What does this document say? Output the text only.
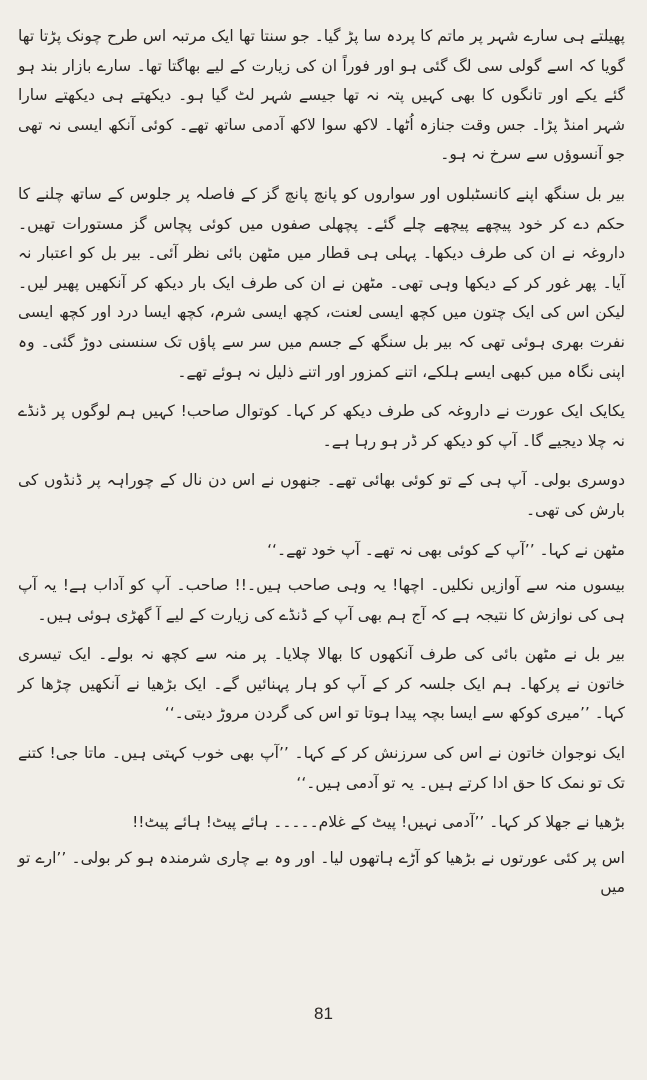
پھیلتے ہی سارے شہر پر ماتم کا پردہ سا پڑ گیا۔ جو سنتا تھا ایک مرتبہ اس طرح چونک پڑتا تھا گویا کہ اسے گولی سی لگ گئی ہو اور فوراً ان کی زیارت کے لیے بھاگتا تھا۔ سارے بازار بند ہو گئے یکے اور تانگوں کا بھی کہیں پتہ نہ تھا جیسے شہر لٹ گیا ہو۔ دیکھتے ہی دیکھتے سارا شہر امنڈ پڑا۔ جس وقت جنازہ اُٹھا۔ لاکھ سوا لاکھ آدمی ساتھ تھے۔ کوئی آنکھ ایسی نہ تھی جو آنسوؤں سے سرخ نہ ہو۔

بیر بل سنگھ اپنے کانسٹبلوں اور سواروں کو پانچ پانچ گز کے فاصلہ پر جلوس کے ساتھ چلنے کا حکم دے کر خود پیچھے پیچھے چلے گئے۔ پچھلی صفوں میں کوئی پچاس گز مستورات تھیں۔ داروغہ نے ان کی طرف دیکھا۔ پہلی ہی قطار میں مٹھن بائی نظر آئی۔ بیر بل کو اعتبار نہ آیا۔ پھر غور کر کے دیکھا وہی تھی۔ مٹھن نے ان کی طرف ایک بار دیکھ کر آنکھیں پھیر لیں۔ لیکن اس کی ایک چتون میں کچھ ایسی لعنت، کچھ ایسی شرم، کچھ ایسا درد اور کچھ ایسی نفرت بھری ہوئی تھی کہ بیر بل سنگھ کے جسم میں سر سے پاؤں تک سنسنی دوڑ گئی۔ وہ اپنی نگاہ میں کبھی ایسے ہلکے، اتنے کمزور اور اتنے ذلیل نہ ہوئے تھے۔

یکایک ایک عورت نے داروغہ کی طرف دیکھ کر کہا۔ کوتوال صاحب! کہیں ہم لوگوں پر ڈنڈے نہ چلا دیجیے گا۔ آپ کو دیکھ کر ڈر ہو رہا ہے۔

دوسری بولی۔ آپ ہی کے تو کوئی بھائی تھے۔ جنھوں نے اس دن نال کے چوراہہ پر ڈنڈوں کی بارش کی تھی۔

مٹھن نے کہا۔ ’’آپ کے کوئی بھی نہ تھے۔ آپ خود تھے۔‘‘

بیسوں منہ سے آوازیں نکلیں۔ اچھا! یہ وہی صاحب ہیں۔!! صاحب۔ آپ کو آداب ہے! یہ آپ ہی کی نوازش کا نتیجہ ہے کہ آج ہم بھی آپ کے ڈنڈے کی زیارت کے لیے آ گھڑی ہوئی ہیں۔

بیر بل نے مٹھن بائی کی طرف آنکھوں کا بھالا چلایا۔ پر منہ سے کچھ نہ بولے۔ ایک تیسری خاتون نے پرکھا۔ ہم ایک جلسہ کر کے آپ کو ہار پہنائیں گے۔ ایک بڑھیا نے آنکھیں چڑھا کر کہا۔ ’’میری کوکھ سے ایسا بچہ پیدا ہوتا تو اس کی گردن مروڑ دیتی۔‘‘

ایک نوجوان خاتون نے اس کی سرزنش کر کے کہا۔ ’’آپ بھی خوب کہتی ہیں۔ ماتا جی! کتنے تک تو نمک کا حق ادا کرتے ہیں۔ یہ تو آدمی ہیں۔‘‘

بڑھیا نے جھلا کر کہا۔ ’’آدمی نہیں! پیٹ کے غلام۔۔۔۔۔ ہائے پیٹ! ہائے پیٹ!!

اس پر کئی عورتوں نے بڑھیا کو آڑے ہاتھوں لیا۔ اور وہ بے چاری شرمندہ ہو کر بولی۔ ’’ارے تو میں

81
